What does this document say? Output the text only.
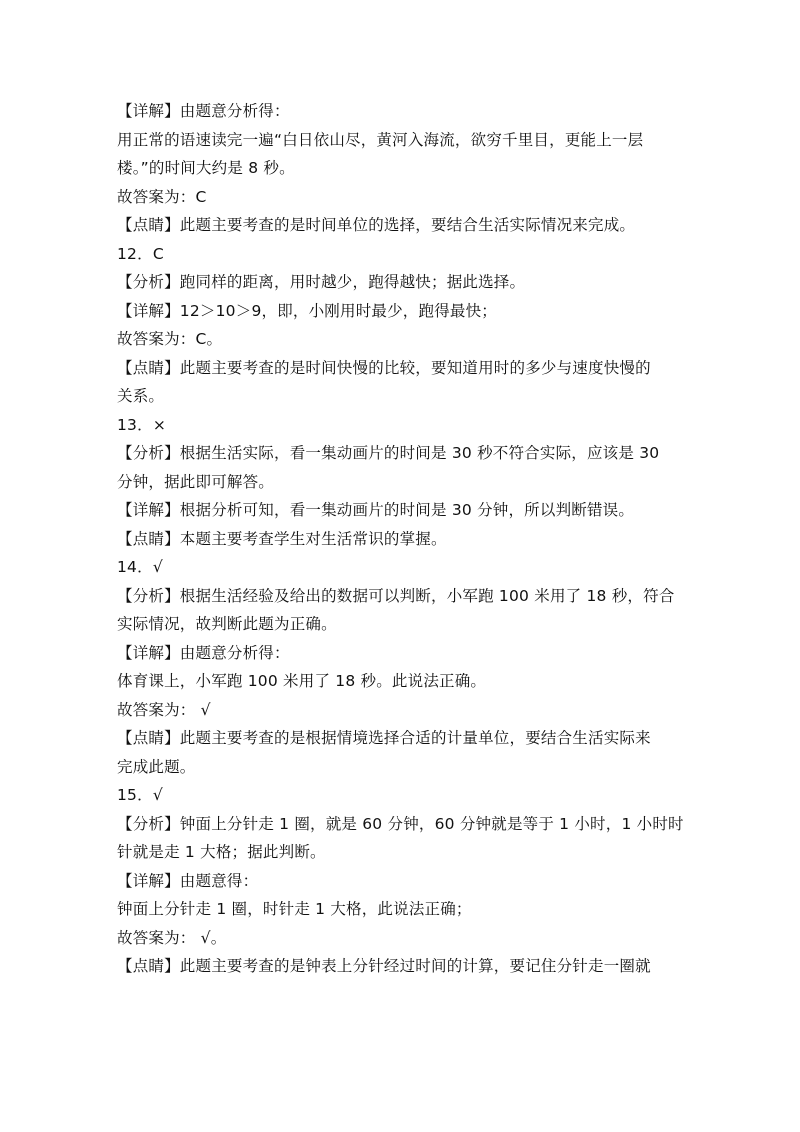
【详解】由题意分析得：

用正常的语速读完一遍“白日依山尽，黄河入海流，欲穷千里目，更能上一层

楼。”的时间大约是 8 秒。

故答案为：C

【点睛】此题主要考查的是时间单位的选择，要结合生活实际情况来完成。

12．C

【分析】跑同样的距离，用时越少，跑得越快；据此选择。

【详解】12＞10＞9，即，小刚用时最少，跑得最快；

故答案为：C。

【点睛】此题主要考查的是时间快慢的比较，要知道用时的多少与速度快慢的

关系。

13．×

【分析】根据生活实际，看一集动画片的时间是 30 秒不符合实际，应该是 30

分钟，据此即可解答。

【详解】根据分析可知，看一集动画片的时间是 30 分钟，所以判断错误。

【点睛】本题主要考查学生对生活常识的掌握。

14．√

【分析】根据生活经验及给出的数据可以判断，小军跑 100 米用了 18 秒，符合

实际情况，故判断此题为正确。

【详解】由题意分析得：

体育课上，小军跑 100 米用了 18 秒。此说法正确。

故答案为： √

【点睛】此题主要考查的是根据情境选择合适的计量单位，要结合生活实际来

完成此题。

15．√

【分析】钟面上分针走 1 圈，就是 60 分钟，60 分钟就是等于 1 小时，1 小时时

针就是走 1 大格；据此判断。

【详解】由题意得：

钟面上分针走 1 圈，时针走 1 大格，此说法正确；

故答案为： √。

【点睛】此题主要考查的是钟表上分针经过时间的计算，要记住分针走一圈就
